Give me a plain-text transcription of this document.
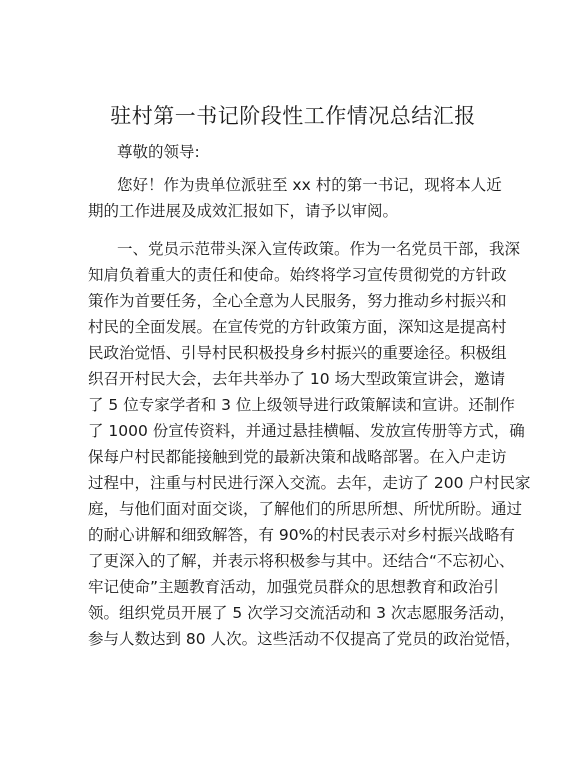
驻村第一书记阶段性工作情况总结汇报
尊敬的领导:
您好！作为贵单位派驻至 xx 村的第一书记，现将本人近
期的工作进展及成效汇报如下，请予以审阅。
一、党员示范带头深入宣传政策。作为一名党员干部，我深
知肩负着重大的责任和使命。始终将学习宣传贯彻党的方针政
策作为首要任务，全心全意为人民服务，努力推动乡村振兴和
村民的全面发展。在宣传党的方针政策方面，深知这是提高村
民政治觉悟、引导村民积极投身乡村振兴的重要途径。积极组
织召开村民大会，去年共举办了 10 场大型政策宣讲会，邀请
了 5 位专家学者和 3 位上级领导进行政策解读和宣讲。还制作
了 1000 份宣传资料，并通过悬挂横幅、发放宣传册等方式，确
保每户村民都能接触到党的最新决策和战略部署。在入户走访
过程中，注重与村民进行深入交流。去年，走访了 200 户村民家
庭，与他们面对面交谈，了解他们的所思所想、所忧所盼。通过
的耐心讲解和细致解答，有 90%的村民表示对乡村振兴战略有
了更深入的了解，并表示将积极参与其中。还结合“不忘初心、
牢记使命”主题教育活动，加强党员群众的思想教育和政治引
领。组织党员开展了 5 次学习交流活动和 3 次志愿服务活动，
参与人数达到 80 人次。这些活动不仅提高了党员的政治觉悟，
